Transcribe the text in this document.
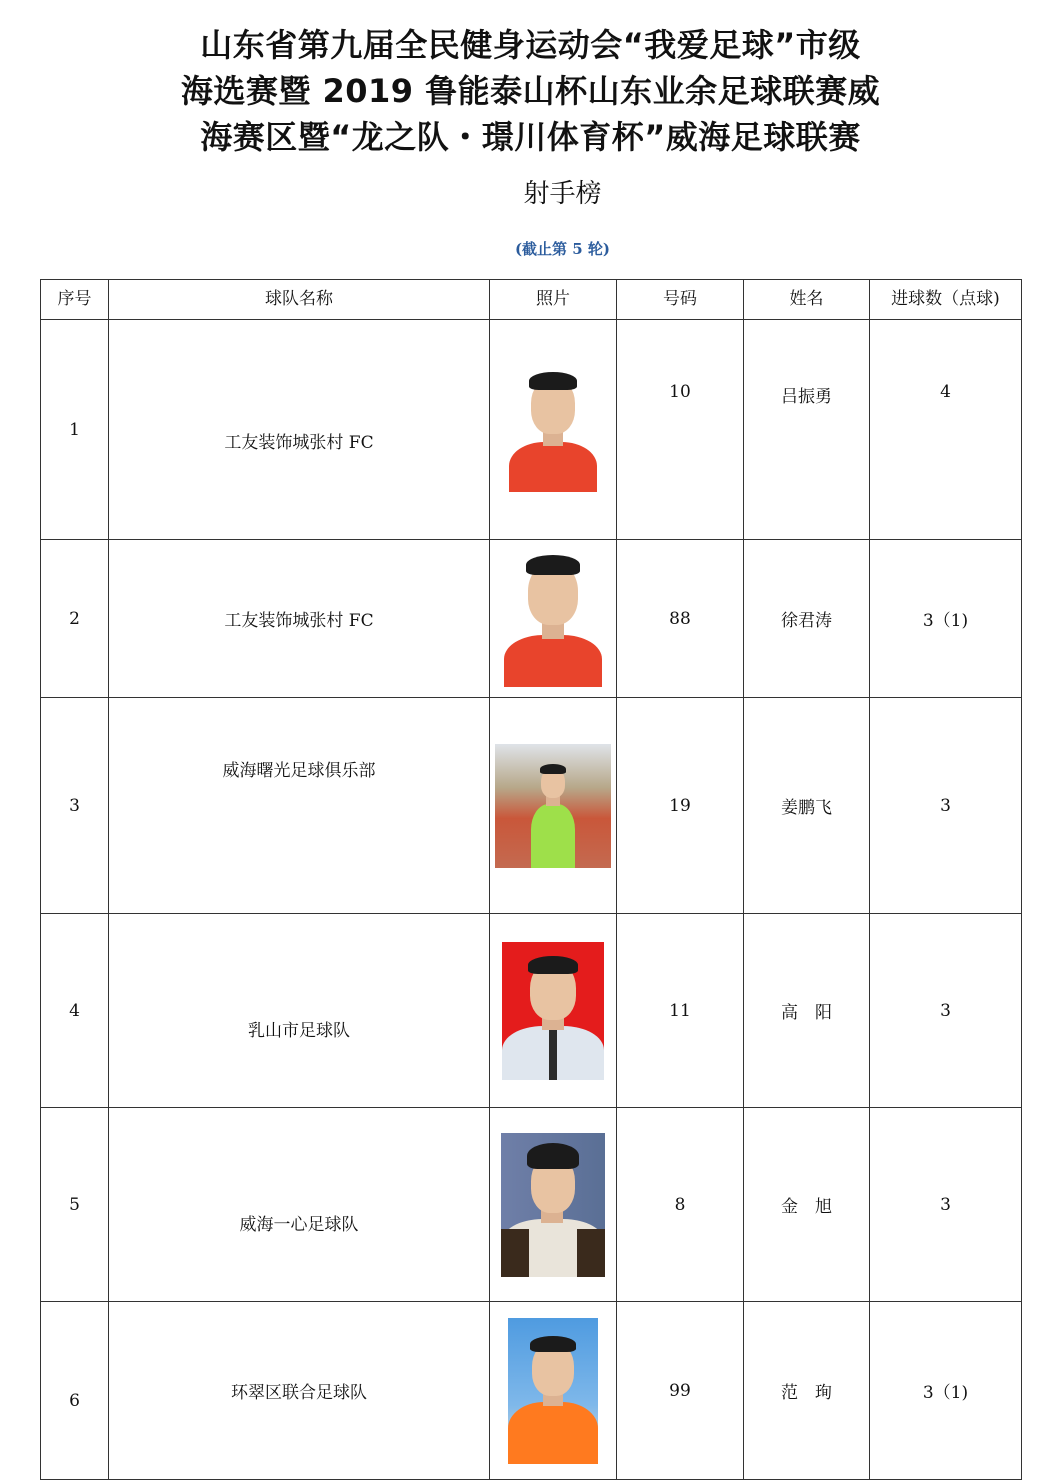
山东省第九届全民健身运动会“我爱足球”市级
海选赛暨 2019 鲁能泰山杯山东业余足球联赛威
海赛区暨“龙之队・璟川体育杯”威海足球联赛
射手榜
(截止第 5 轮)
序号	球队名称	照片	号码	姓名	进球数（点球)
1	工友装饰城张村 FC		10	吕振勇	4
2	工友装饰城张村 FC		88	徐君涛	3（1)
3	威海曙光足球俱乐部		19	姜鹏飞	3
4	乳山市足球队		11	高　阳	3
5	威海一心足球队		8	金　旭	3
6	环翠区联合足球队		99	范　珣	3（1)
